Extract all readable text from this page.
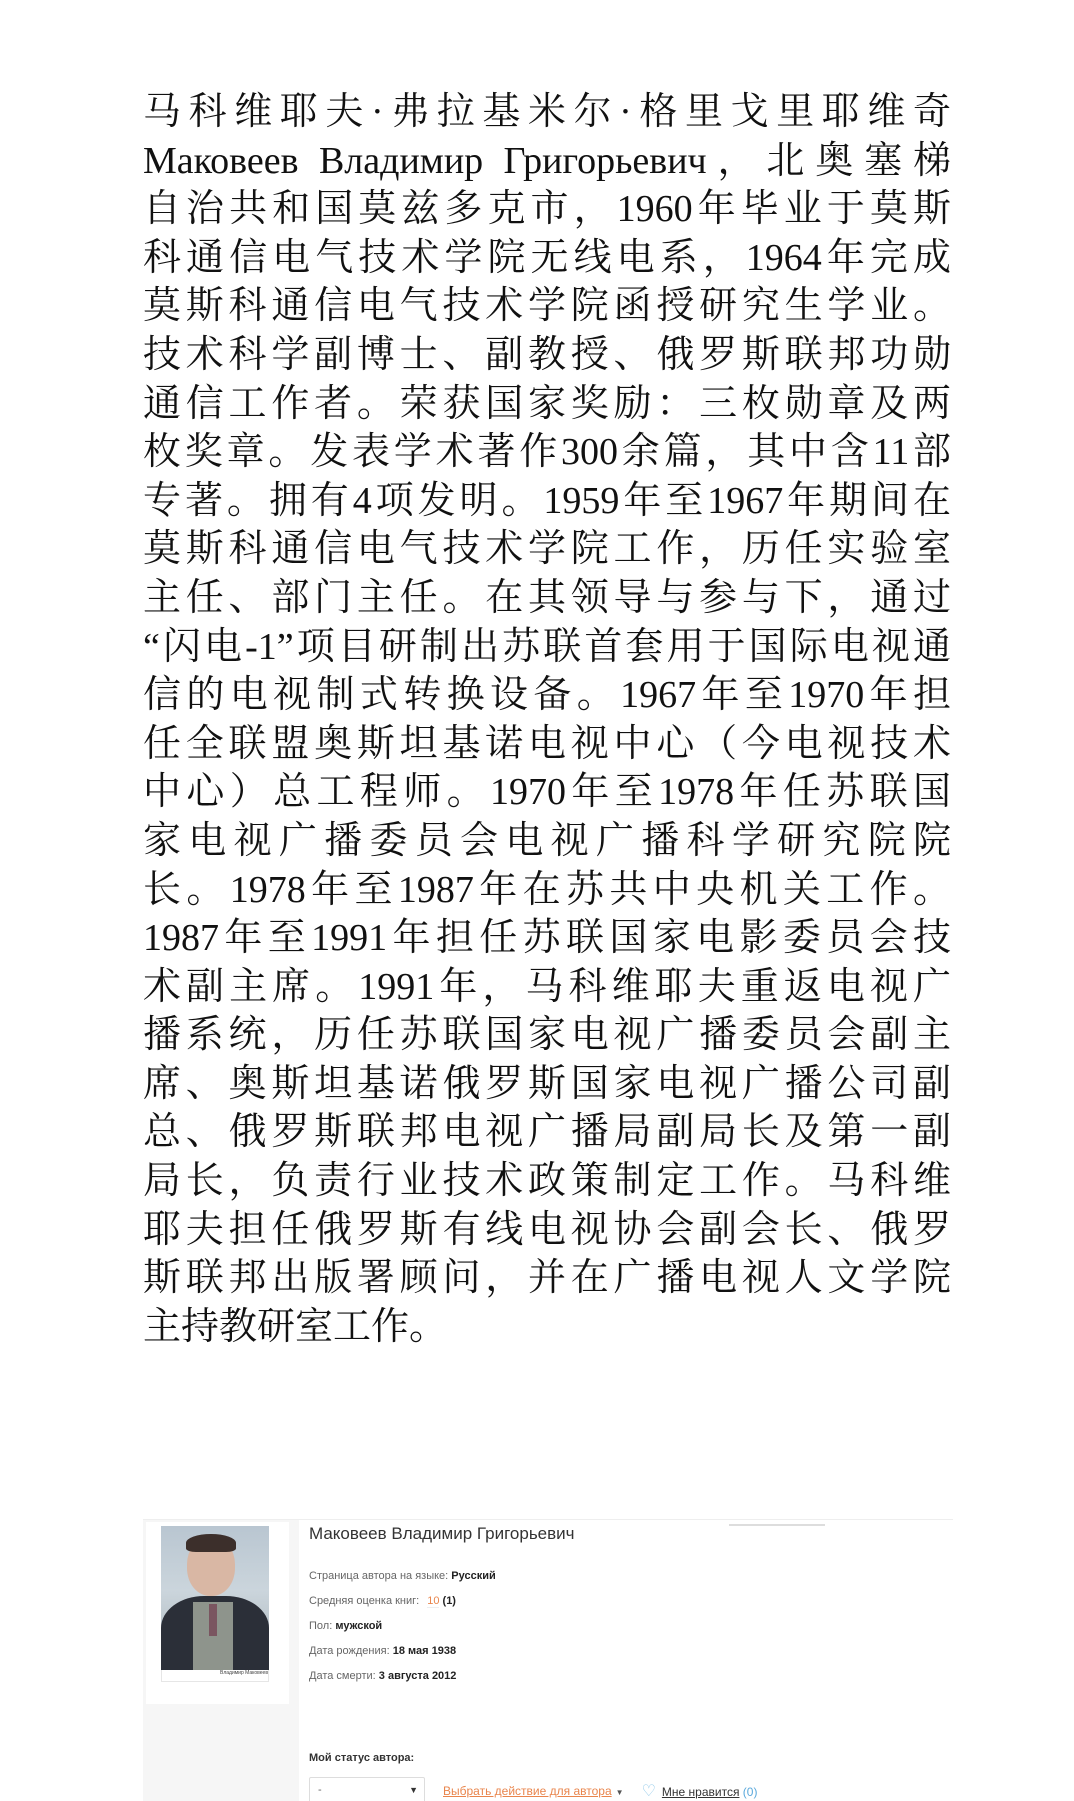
马科维耶夫·弗拉基米尔·格里戈里耶维奇
Маковеев Владимир Григорьевич，北奥塞梯
自治共和国莫兹多克市，1960年毕业于莫斯
科通信电气技术学院无线电系，1964年完成
莫斯科通信电气技术学院函授研究生学业。
技术科学副博士、副教授、俄罗斯联邦功勋
通信工作者。荣获国家奖励：三枚勋章及两
枚奖章。发表学术著作300余篇，其中含11部
专著。拥有4项发明。1959年至1967年期间在
莫斯科通信电气技术学院工作，历任实验室
主任、部门主任。在其领导与参与下，通过
“闪电-1”项目研制出苏联首套用于国际电视通
信的电视制式转换设备。1967年至1970年担
任全联盟奥斯坦基诺电视中心（今电视技术
中心）总工程师。1970年至1978年任苏联国
家电视广播委员会电视广播科学研究院院
长。1978年至1987年在苏共中央机关工作。
1987年至1991年担任苏联国家电影委员会技
术副主席。1991年，马科维耶夫重返电视广
播系统，历任苏联国家电视广播委员会副主
席、奥斯坦基诺俄罗斯国家电视广播公司副
总、俄罗斯联邦电视广播局副局长及第一副
局长，负责行业技术政策制定工作。马科维
耶夫担任俄罗斯有线电视协会副会长、俄罗
斯联邦出版署顾问，并在广播电视人文学院
主持教研室工作。
Владимир Маковеев
Маковеев Владимир Григорьевич
Страница автора на языке: Русский
Средняя оценка книг: 10 (1)
Пол: мужской
Дата рождения: 18 мая 1938
Дата смерти: 3 августа 2012
Мой статус автора:
-	▼ Выбрать действие для автора ▼ ♡ Мне нравится (0)
